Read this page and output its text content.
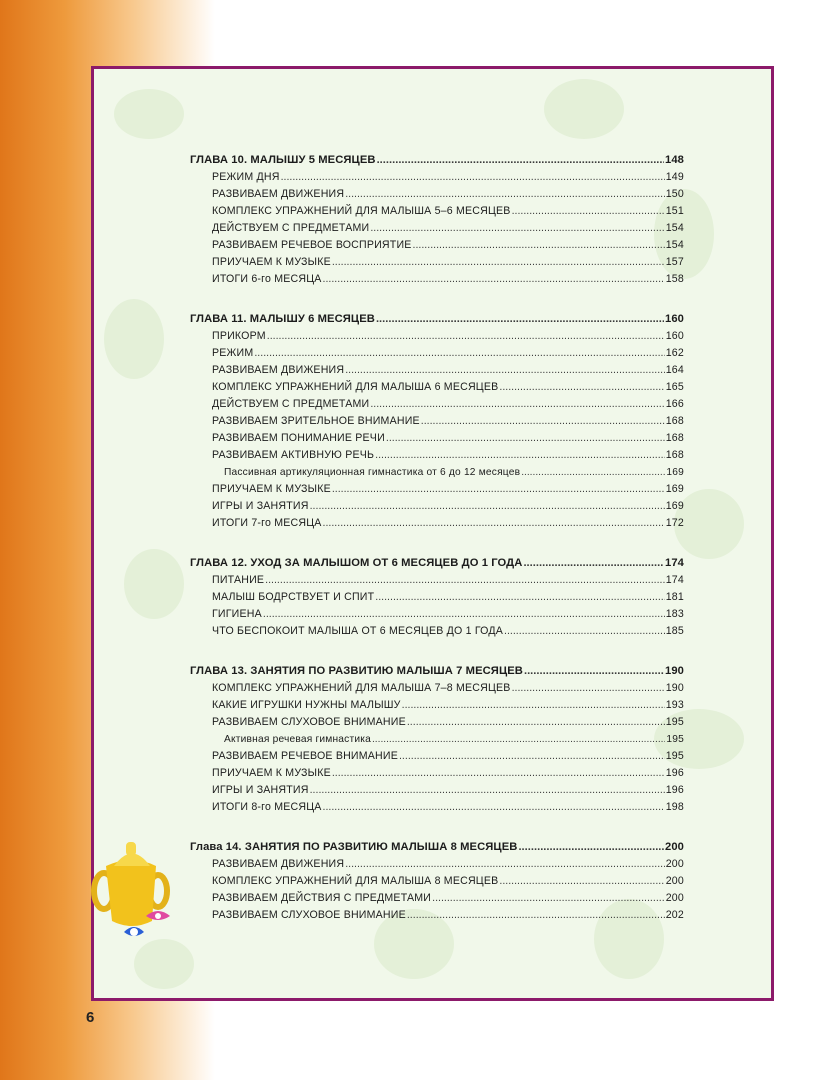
ГЛАВА 10. МАЛЫШУ 5 МЕСЯЦЕВ .....	148
РЕЖИМ ДНЯ .....	149
РАЗВИВАЕМ ДВИЖЕНИЯ .....	150
КОМПЛЕКС УПРАЖНЕНИЙ ДЛЯ МАЛЫША 5–6 МЕСЯЦЕВ .....	151
ДЕЙСТВУЕМ С ПРЕДМЕТАМИ .....	154
РАЗВИВАЕМ РЕЧЕВОЕ ВОСПРИЯТИЕ .....	154
ПРИУЧАЕМ К МУЗЫКЕ .....	157
ИТОГИ 6-го МЕСЯЦА .....	158
ГЛАВА 11. МАЛЫШУ 6 МЕСЯЦЕВ .....	160
ПРИКОРМ .....	160
РЕЖИМ .....	162
РАЗВИВАЕМ ДВИЖЕНИЯ .....	164
КОМПЛЕКС УПРАЖНЕНИЙ ДЛЯ МАЛЫША 6 МЕСЯЦЕВ .....	165
ДЕЙСТВУЕМ С ПРЕДМЕТАМИ .....	166
РАЗВИВАЕМ ЗРИТЕЛЬНОЕ ВНИМАНИЕ .....	168
РАЗВИВАЕМ ПОНИМАНИЕ РЕЧИ .....	168
РАЗВИВАЕМ АКТИВНУЮ РЕЧЬ .....	168
Пассивная артикуляционная гимнастика от 6 до 12 месяцев .....	169
ПРИУЧАЕМ К МУЗЫКЕ .....	169
ИГРЫ И ЗАНЯТИЯ .....	169
ИТОГИ 7-го МЕСЯЦА .....	172
ГЛАВА 12. УХОД ЗА МАЛЫШОМ ОТ 6 МЕСЯЦЕВ ДО 1 ГОДА .....	174
ПИТАНИЕ .....	174
МАЛЫШ БОДРСТВУЕТ И СПИТ .....	181
ГИГИЕНА .....	183
ЧТО БЕСПОКОИТ МАЛЫША ОТ 6 МЕСЯЦЕВ ДО 1 ГОДА .....	185
ГЛАВА 13. ЗАНЯТИЯ ПО РАЗВИТИЮ МАЛЫША 7 МЕСЯЦЕВ .....	190
КОМПЛЕКС УПРАЖНЕНИЙ ДЛЯ МАЛЫША 7–8 МЕСЯЦЕВ .....	190
КАКИЕ ИГРУШКИ НУЖНЫ МАЛЫШУ .....	193
РАЗВИВАЕМ СЛУХОВОЕ ВНИМАНИЕ .....	195
Активная речевая гимнастика .....	195
РАЗВИВАЕМ РЕЧЕВОЕ ВНИМАНИЕ .....	195
ПРИУЧАЕМ К МУЗЫКЕ .....	196
ИГРЫ И ЗАНЯТИЯ .....	196
ИТОГИ 8-го МЕСЯЦА .....	198
Глава 14. ЗАНЯТИЯ ПО РАЗВИТИЮ МАЛЫША 8 МЕСЯЦЕВ .....	200
РАЗВИВАЕМ ДВИЖЕНИЯ .....	200
КОМПЛЕКС УПРАЖНЕНИЙ ДЛЯ МАЛЫША 8 МЕСЯЦЕВ .....	200
РАЗВИВАЕМ ДЕЙСТВИЯ С ПРЕДМЕТАМИ .....	200
РАЗВИВАЕМ СЛУХОВОЕ ВНИМАНИЕ .....	202
6
